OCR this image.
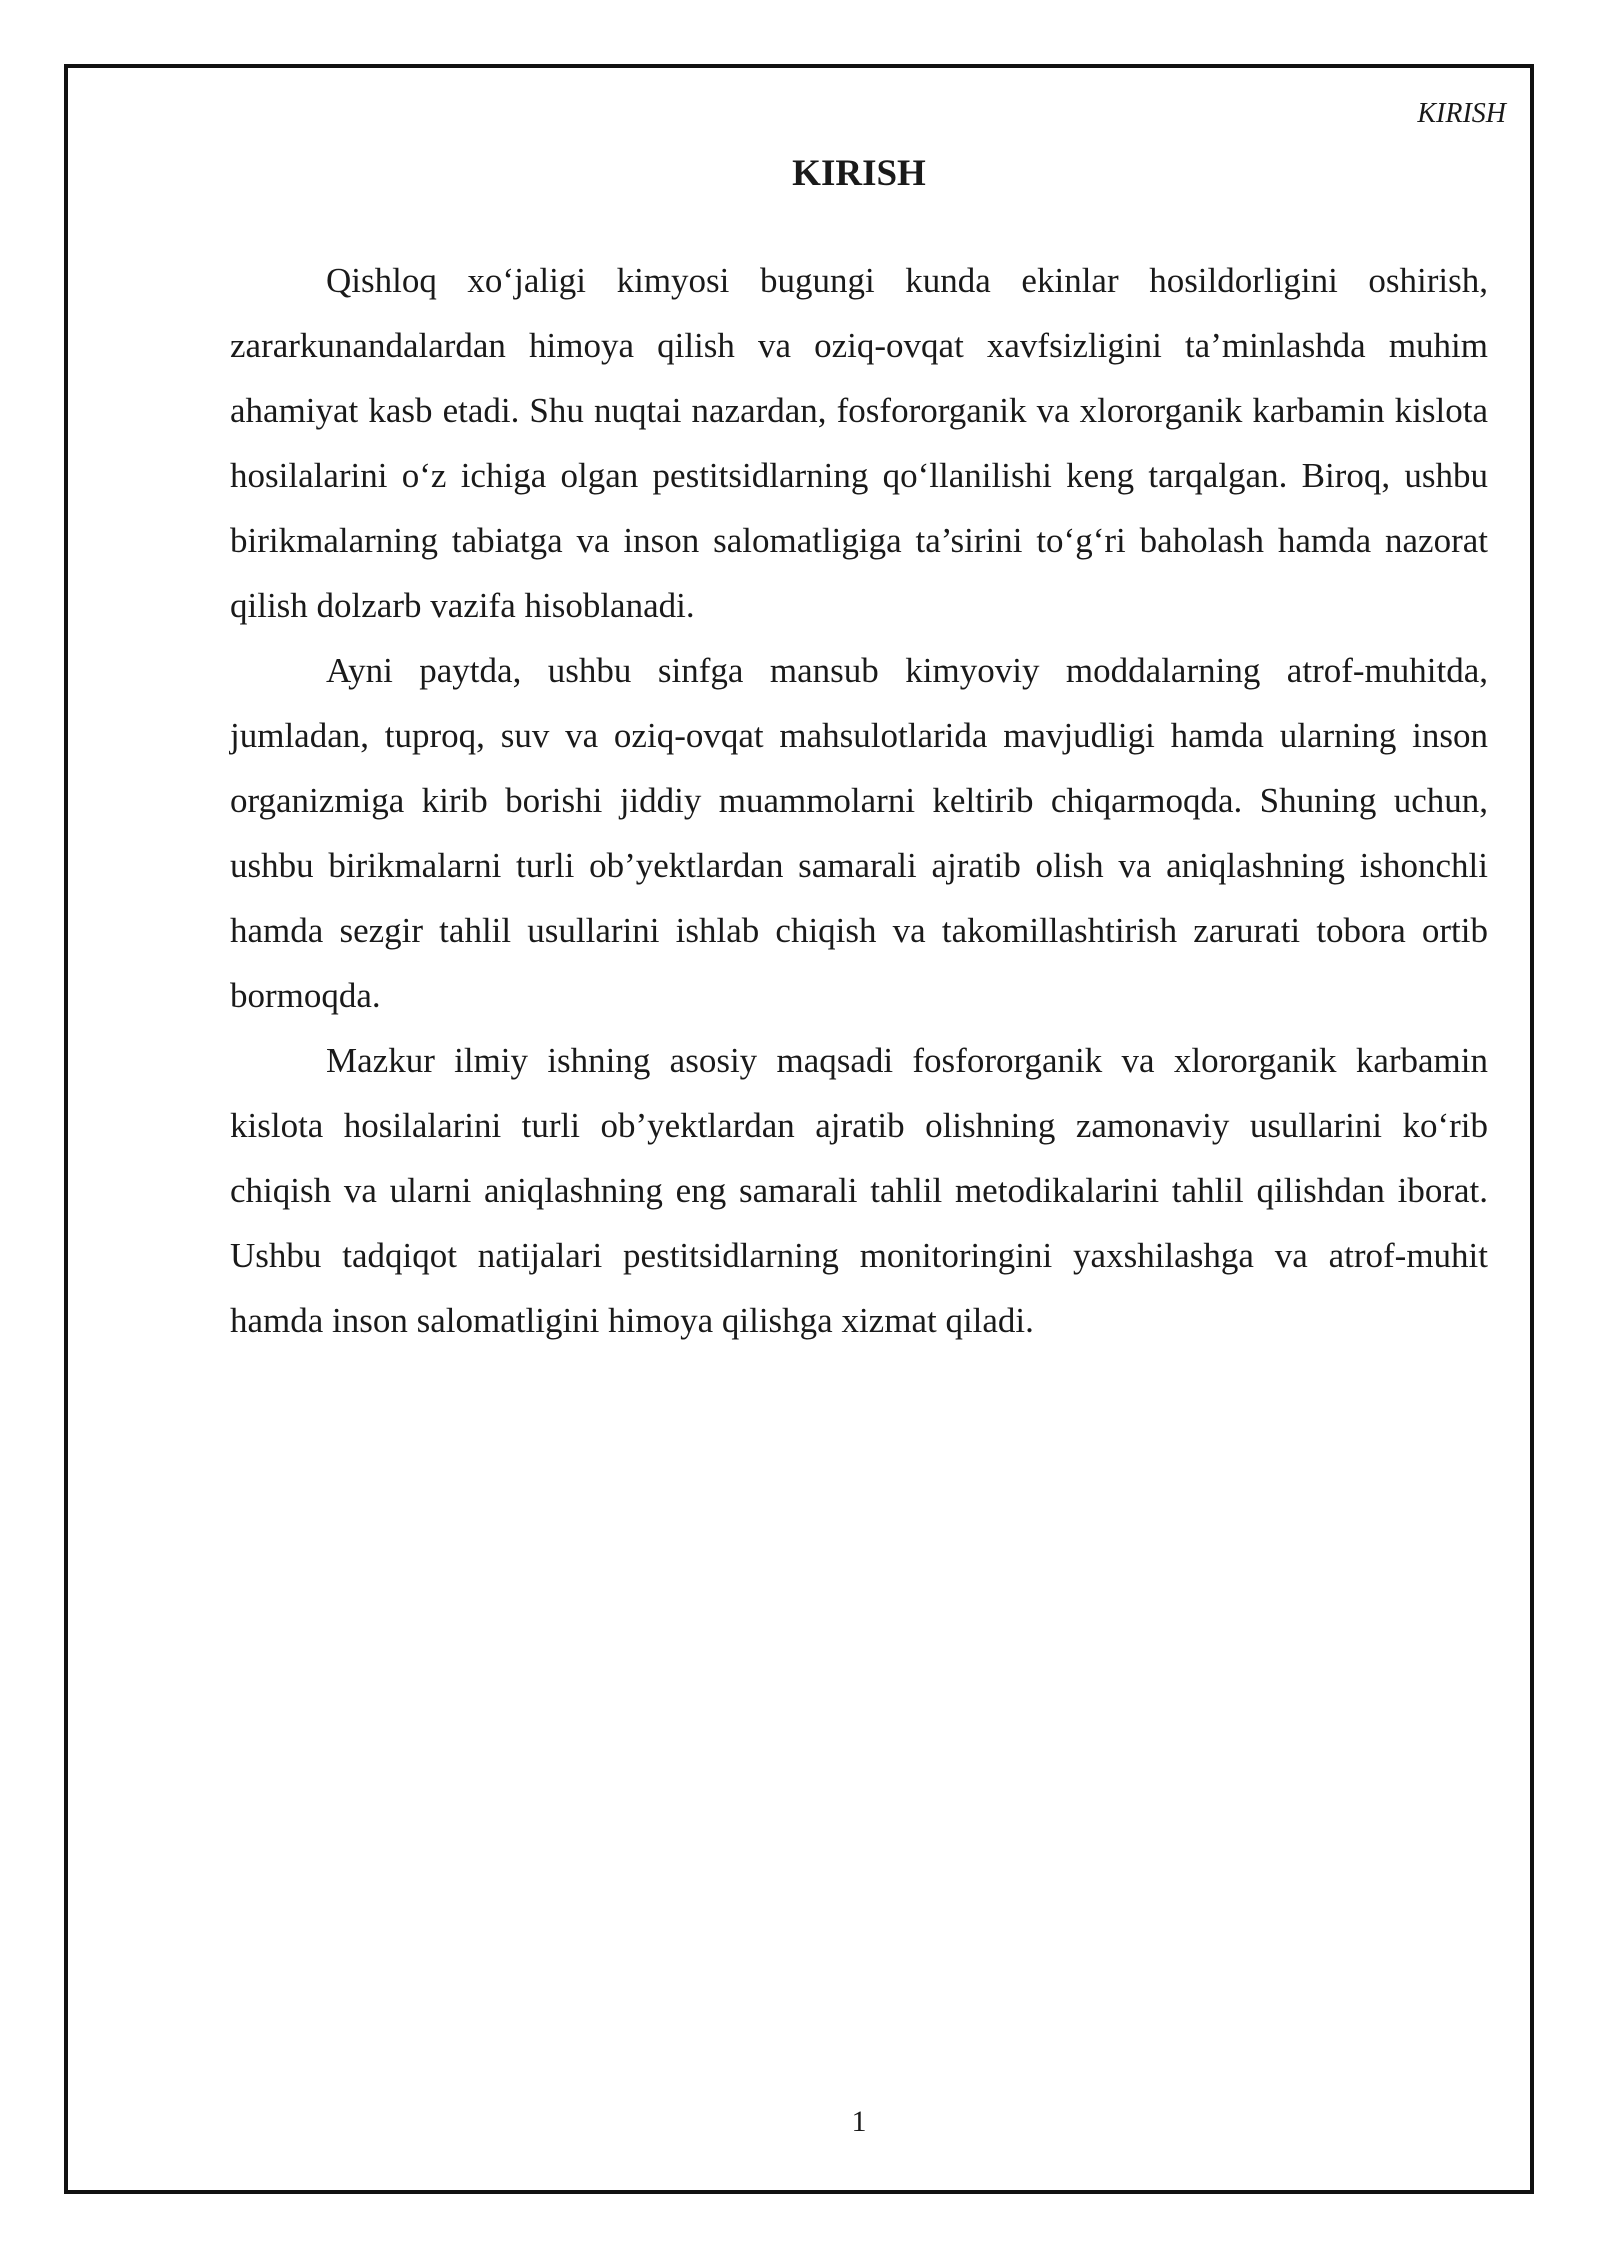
KIRISH
KIRISH

Qishloq xo‘jaligi kimyosi bugungi kunda ekinlar hosildorligini oshirish, zararkunandalardan himoya qilish va oziq-ovqat xavfsizligini ta’minlashda muhim ahamiyat kasb etadi. Shu nuqtai nazardan, fosfororganik va xlororganik karbamin kislota hosilalarini o‘z ichiga olgan pestitsidlarning qo‘llanilishi keng tarqalgan. Biroq, ushbu birikmalarning tabiatga va inson salomatligiga ta’sirini to‘g‘ri baholash hamda nazorat qilish dolzarb vazifa hisoblanadi.

Ayni paytda, ushbu sinfga mansub kimyoviy moddalarning atrof-muhitda, jumladan, tuproq, suv va oziq-ovqat mahsulotlarida mavjudligi hamda ularning inson organizmiga kirib borishi jiddiy muammolarni keltirib chiqarmoqda. Shuning uchun, ushbu birikmalarni turli ob’yektlardan samarali ajratib olish va aniqlashning ishonchli hamda sezgir tahlil usullarini ishlab chiqish va takomillashtirish zarurati tobora ortib bormoqda.

Mazkur ilmiy ishning asosiy maqsadi fosfororganik va xlororganik karbamin kislota hosilalarini turli ob’yektlardan ajratib olishning zamonaviy usullarini ko‘rib chiqish va ularni aniqlashning eng samarali tahlil metodikalarini tahlil qilishdan iborat. Ushbu tadqiqot natijalari pestitsidlarning monitoringini yaxshilashga va atrof-muhit hamda inson salomatligini himoya qilishga xizmat qiladi.

1
